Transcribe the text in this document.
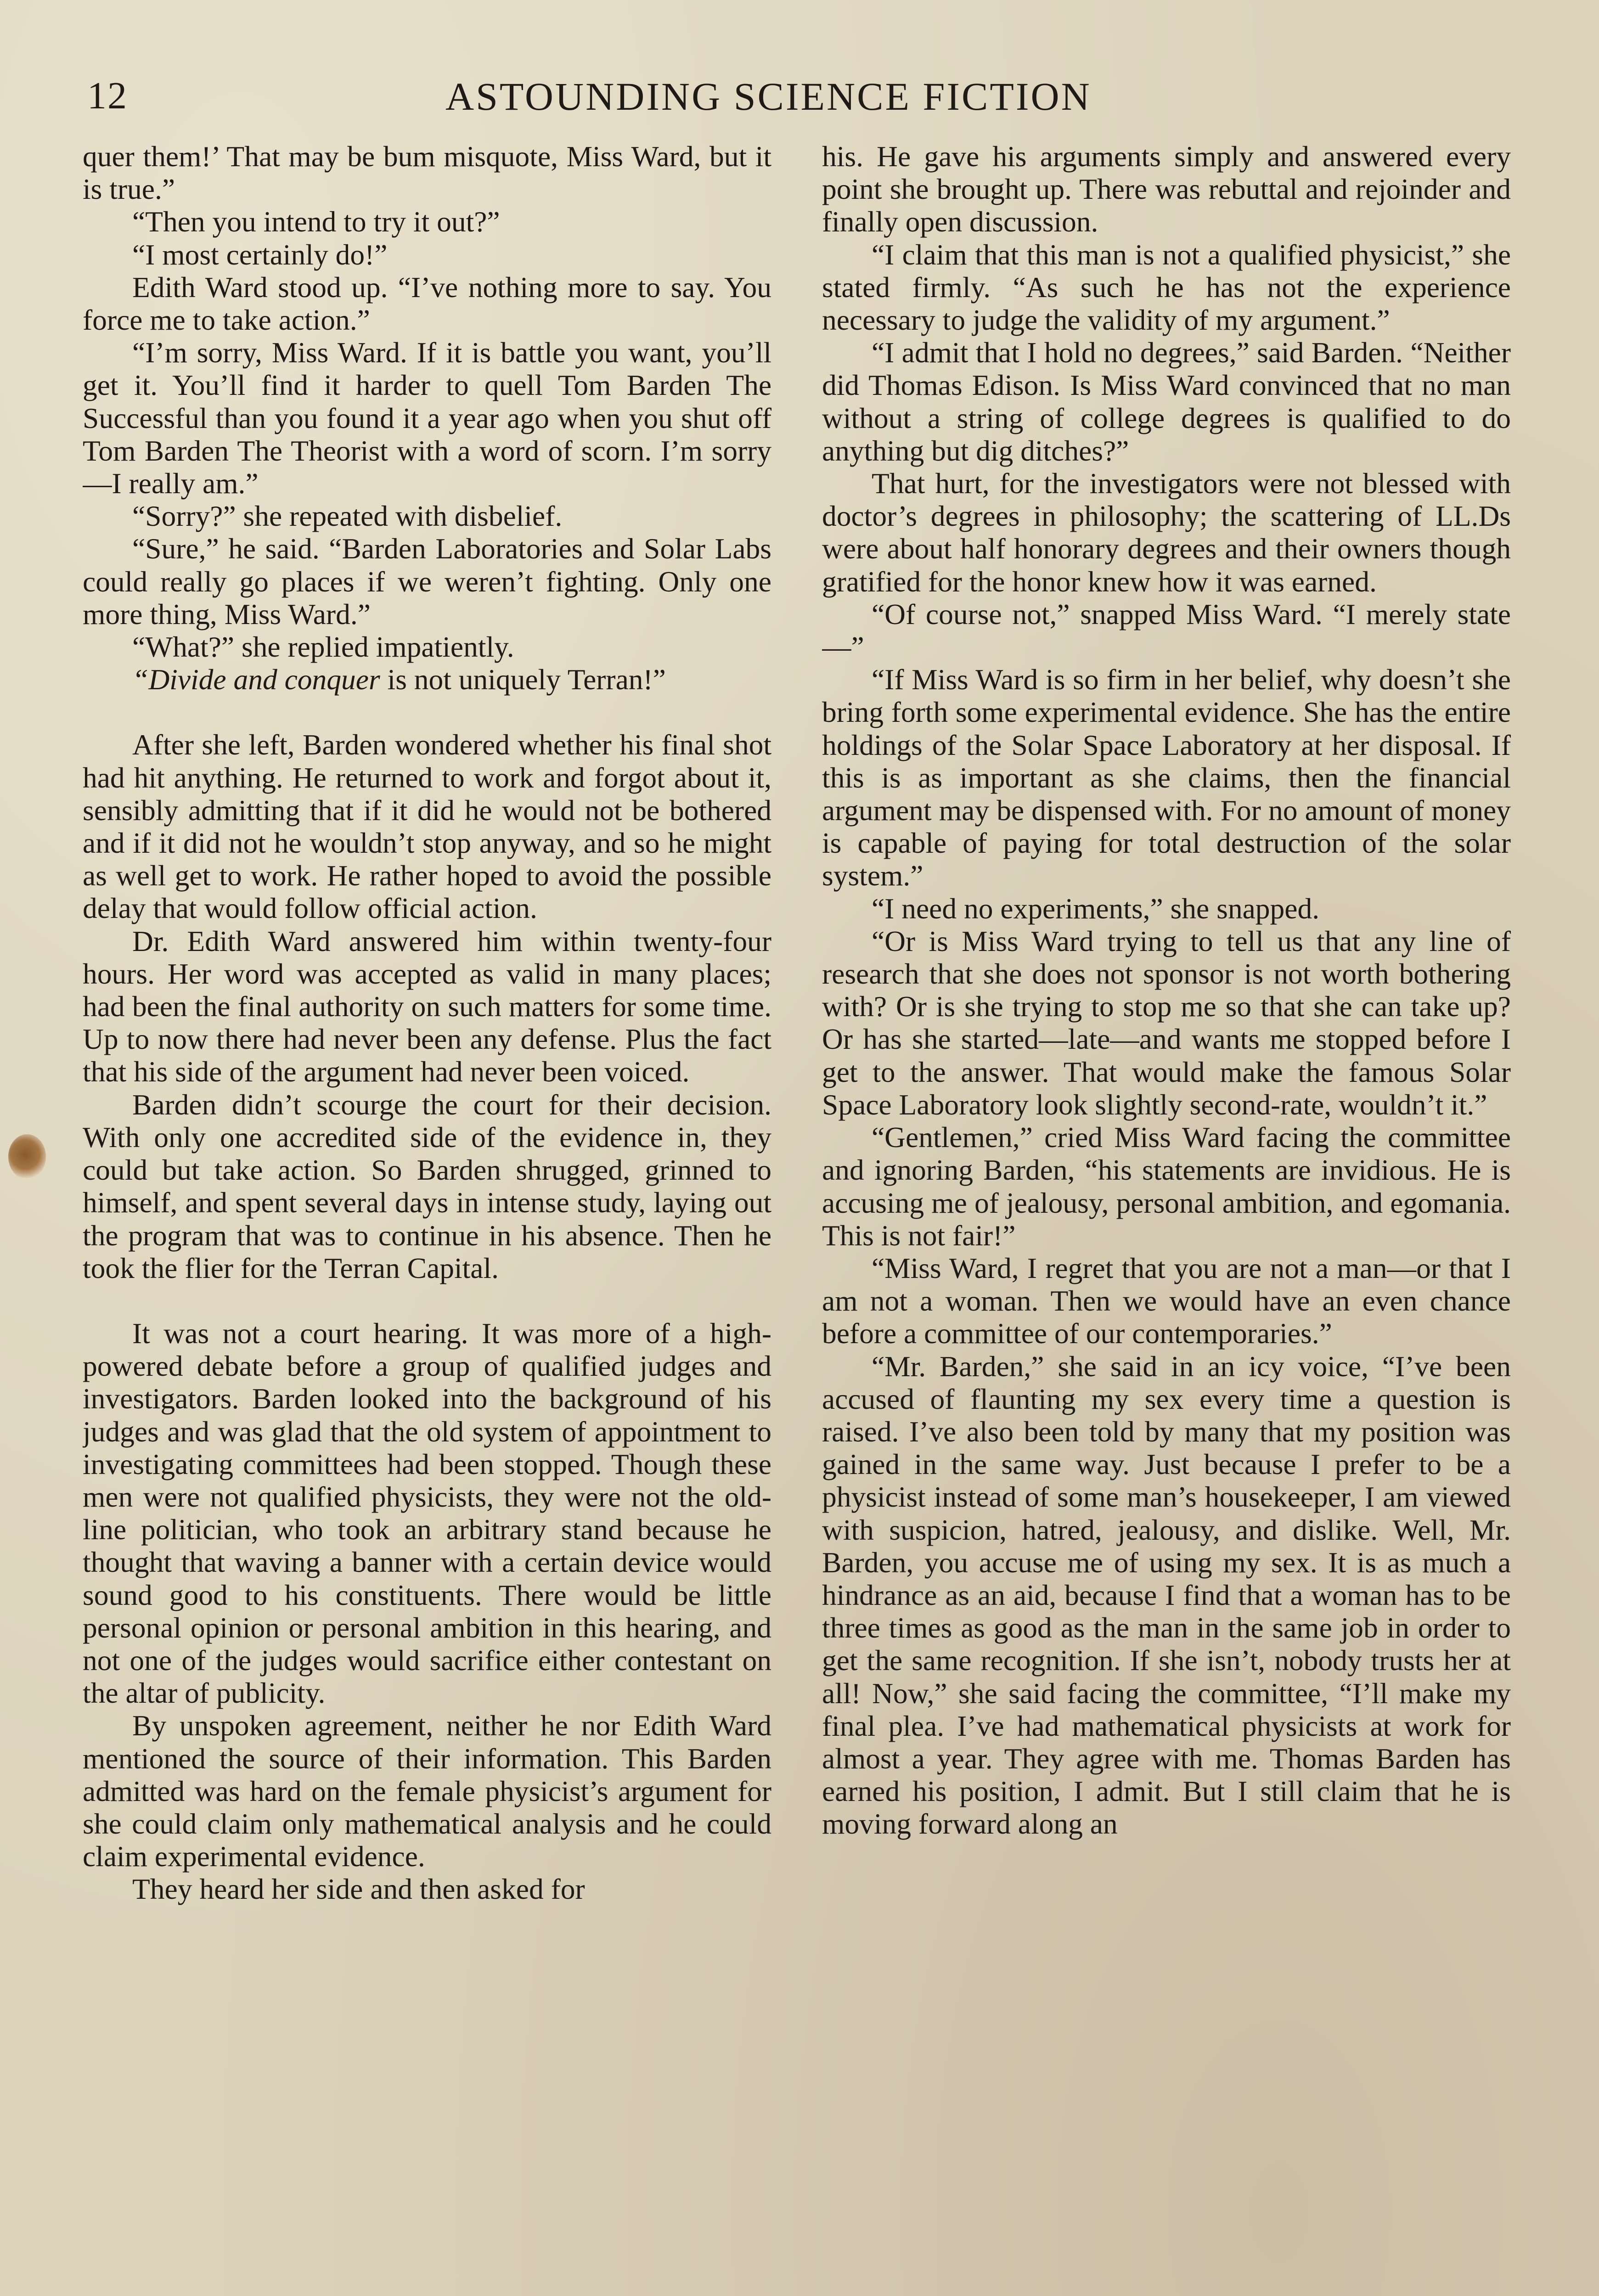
12	ASTOUNDING SCIENCE FICTION

quer them!’ That may be bum misquote, Miss Ward, but it is true.”

“Then you intend to try it out?”

“I most certainly do!”

Edith Ward stood up. “I’ve nothing more to say. You force me to take action.”

“I’m sorry, Miss Ward. If it is battle you want, you’ll get it. You’ll find it harder to quell Tom Barden The Successful than you found it a year ago when you shut off Tom Barden The Theorist with a word of scorn. I’m sorry—I really am.”

“Sorry?” she repeated with disbelief.

“Sure,” he said. “Barden Laboratories and Solar Labs could really go places if we weren’t fighting. Only one more thing, Miss Ward.”

“What?” she replied impatiently.

“Divide and conquer is not uniquely Terran!”

After she left, Barden wondered whether his final shot had hit anything. He returned to work and forgot about it, sensibly admitting that if it did he would not be bothered and if it did not he wouldn’t stop anyway, and so he might as well get to work. He rather hoped to avoid the possible delay that would follow official action.

Dr. Edith Ward answered him within twenty-four hours. Her word was accepted as valid in many places; had been the final authority on such matters for some time. Up to now there had never been any defense. Plus the fact that his side of the argument had never been voiced.

Barden didn’t scourge the court for their decision. With only one accredited side of the evidence in, they could but take action. So Barden shrugged, grinned to himself, and spent several days in intense study, laying out the program that was to continue in his absence. Then he took the flier for the Terran Capital.

It was not a court hearing. It was more of a high-powered debate before a group of qualified judges and investigators. Barden looked into the background of his judges and was glad that the old system of appointment to investigating committees had been stopped. Though these men were not qualified physicists, they were not the old-line politician, who took an arbitrary stand because he thought that waving a banner with a certain device would sound good to his constituents. There would be little personal opinion or personal ambition in this hearing, and not one of the judges would sacrifice either contestant on the altar of publicity.

By unspoken agreement, neither he nor Edith Ward mentioned the source of their information. This Barden admitted was hard on the female physicist’s argument for she could claim only mathematical analysis and he could claim experimental evidence.

They heard her side and then asked for

his. He gave his arguments simply and answered every point she brought up. There was rebuttal and rejoinder and finally open discussion.

“I claim that this man is not a qualified physicist,” she stated firmly. “As such he has not the experience necessary to judge the validity of my argument.”

“I admit that I hold no degrees,” said Barden. “Neither did Thomas Edison. Is Miss Ward convinced that no man without a string of college degrees is qualified to do anything but dig ditches?”

That hurt, for the investigators were not blessed with doctor’s degrees in philosophy; the scattering of LL.Ds were about half honorary degrees and their owners though gratified for the honor knew how it was earned.

“Of course not,” snapped Miss Ward. “I merely state—”

“If Miss Ward is so firm in her belief, why doesn’t she bring forth some experimental evidence. She has the entire holdings of the Solar Space Laboratory at her disposal. If this is as important as she claims, then the financial argument may be dispensed with. For no amount of money is capable of paying for total destruction of the solar system.”

“I need no experiments,” she snapped.

“Or is Miss Ward trying to tell us that any line of research that she does not sponsor is not worth bothering with? Or is she trying to stop me so that she can take up? Or has she started—late—and wants me stopped before I get to the answer. That would make the famous Solar Space Laboratory look slightly second-rate, wouldn’t it.”

“Gentlemen,” cried Miss Ward facing the committee and ignoring Barden, “his statements are invidious. He is accusing me of jealousy, personal ambition, and egomania. This is not fair!”

“Miss Ward, I regret that you are not a man—or that I am not a woman. Then we would have an even chance before a committee of our contemporaries.”

“Mr. Barden,” she said in an icy voice, “I’ve been accused of flaunting my sex every time a question is raised. I’ve also been told by many that my position was gained in the same way. Just because I prefer to be a physicist instead of some man’s housekeeper, I am viewed with suspicion, hatred, jealousy, and dislike. Well, Mr. Barden, you accuse me of using my sex. It is as much a hindrance as an aid, because I find that a woman has to be three times as good as the man in the same job in order to get the same recognition. If she isn’t, nobody trusts her at all! Now,” she said facing the committee, “I’ll make my final plea. I’ve had mathematical physicists at work for almost a year. They agree with me. Thomas Barden has earned his position, I admit. But I still claim that he is moving forward along an
